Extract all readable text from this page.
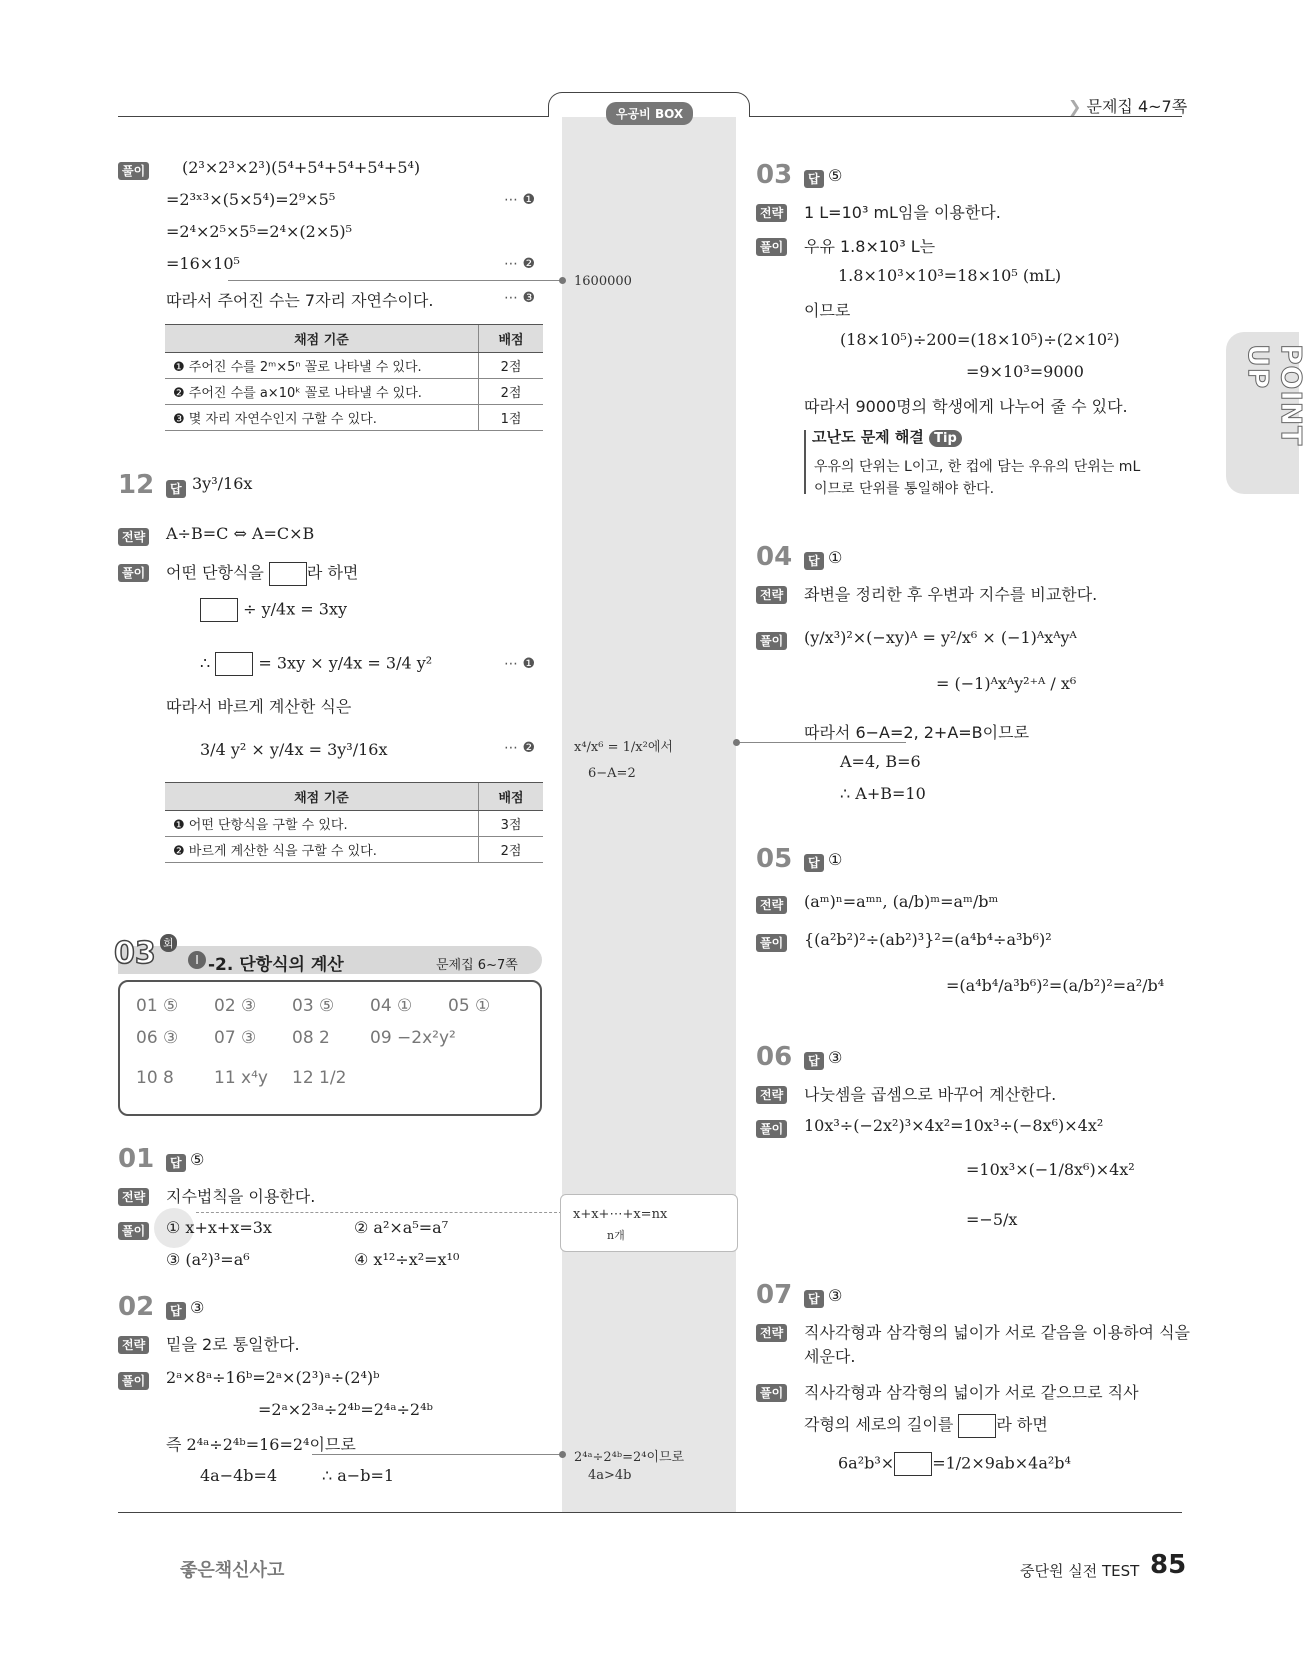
우공비 BOX	❯ 문제집 4~7쪽
POINT UP
풀이 (2³×2³×2³)(5⁴+5⁴+5⁴+5⁴+5⁴)
=2³ˣ³×(5×5⁴)=2⁹×5⁵
=2⁴×2⁵×5⁵=2⁴×(2×5)⁵
=16×10⁵
따라서 주어진 수는 7자리 자연수이다.
⋯ ❶
⋯ ❷
⋯ ❸
채점 기준	배점
❶ 주어진 수를 2ᵐ×5ⁿ 꼴로 나타낼 수 있다.	2점
❷ 주어진 수를 a×10ᵏ 꼴로 나타낼 수 있다.	2점
❸ 몇 자리 자연수인지 구할 수 있다.	1점
12	답 3y³/16x
전략 A÷B=C ⇔ A=C×B
풀이 어떤 단항식을	라 하면
÷ y/4x = 3xy
∴	= 3xy × y/4x = 3/4 y²	⋯ ❶
따라서 바르게 계산한 식은
3/4 y² × y/4x = 3y³/16x	⋯ ❷
채점 기준	배점
❶ 어떤 단항식을 구할 수 있다.	3점
❷ 바르게 계산한 식을 구할 수 있다.	2점
03 회
Ⅰ -2. 단항식의 계산	문제집 6~7쪽
01 ⑤ 02 ③ 03 ⑤ 04 ① 05 ①
06 ③ 07 ③ 08 2 09 −2x²y²
10 8 11 x⁴y 12 1/2
01	답 ⑤
전략 지수법칙을 이용한다.
풀이 ① x+x+x=3x	② a²×a⁵=a⁷
③ (a²)³=a⁶	④ x¹²÷x²=x¹⁰
02	답 ③
전략 밑을 2로 통일한다.
풀이 2ᵃ×8ᵃ÷16ᵇ=2ᵃ×(2³)ᵃ÷(2⁴)ᵇ
=2ᵃ×2³ᵃ÷2⁴ᵇ=2⁴ᵃ÷2⁴ᵇ
즉 2⁴ᵃ÷2⁴ᵇ=16=2⁴이므로
4a−4b=4	∴ a−b=1
1600000
x⁴/x⁶ = 1/x²에서
6−A=2
x+x+⋯+x=nx
n개
2⁴ᵃ÷2⁴ᵇ=2⁴이므로
4a>4b
03	답 ⑤
전략 1 L=10³ mL임을 이용한다.
풀이 우유 1.8×10³ L는
1.8×10³×10³=18×10⁵ (mL)
이므로
(18×10⁵)÷200=(18×10⁵)÷(2×10²)
=9×10³=9000
따라서 9000명의 학생에게 나누어 줄 수 있다.
고난도 문제 해결 Tip
우유의 단위는 L이고, 한 컵에 담는 우유의 단위는 mL
이므로 단위를 통일해야 한다.
04	답 ①
전략 좌변을 정리한 후 우변과 지수를 비교한다.
풀이 (y/x³)²×(−xy)ᴬ = y²/x⁶ × (−1)ᴬxᴬyᴬ
= (−1)ᴬxᴬy²⁺ᴬ / x⁶
따라서 6−A=2, 2+A=B이므로
A=4, B=6
∴ A+B=10
05	답 ①
전략 (aᵐ)ⁿ=aᵐⁿ, (a/b)ᵐ=aᵐ/bᵐ
풀이 {(a²b²)²÷(ab²)³}²=(a⁴b⁴÷a³b⁶)²
=(a⁴b⁴/a³b⁶)²=(a/b²)²=a²/b⁴
06	답 ③
전략 나눗셈을 곱셈으로 바꾸어 계산한다.
풀이 10x³÷(−2x²)³×4x²=10x³÷(−8x⁶)×4x²
=10x³×(−1/8x⁶)×4x²
=−5/x
07	답 ③
전략 직사각형과 삼각형의 넓이가 서로 같음을 이용하여 식을
세운다.
풀이 직사각형과 삼각형의 넓이가 서로 같으므로 직사
각형의 세로의 길이를	라 하면
6a²b³× =1/2×9ab×4a²b⁴
좋은책신사고	중단원 실전 TEST 85
